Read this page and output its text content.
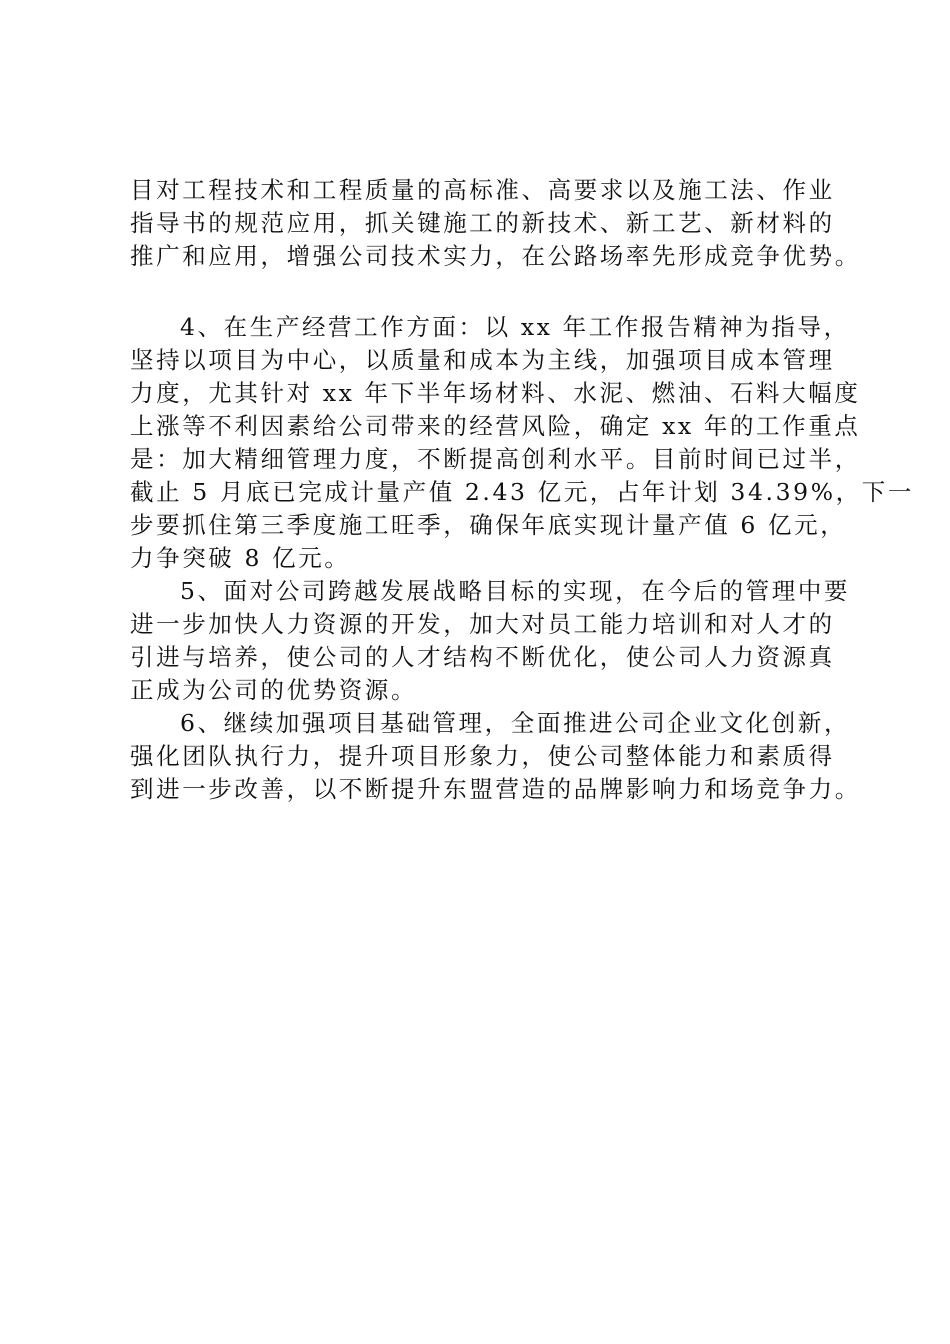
目对工程技术和工程质量的高标准、高要求以及施工法、作业
指导书的规范应用，抓关键施工的新技术、新工艺、新材料的
推广和应用，增强公司技术实力，在公路场率先形成竞争优势。
4、在生产经营工作方面：以 xx 年工作报告精神为指导，
坚持以项目为中心，以质量和成本为主线，加强项目成本管理
力度，尤其针对 xx 年下半年场材料、水泥、燃油、石料大幅度
上涨等不利因素给公司带来的经营风险，确定 xx 年的工作重点
是：加大精细管理力度，不断提高创利水平。目前时间已过半，
截止 5 月底已完成计量产值 2.43 亿元，占年计划 34.39%，下一
步要抓住第三季度施工旺季，确保年底实现计量产值 6 亿元，
力争突破 8 亿元。
5、面对公司跨越发展战略目标的实现，在今后的管理中要
进一步加快人力资源的开发，加大对员工能力培训和对人才的
引进与培养，使公司的人才结构不断优化，使公司人力资源真
正成为公司的优势资源。
6、继续加强项目基础管理，全面推进公司企业文化创新，
强化团队执行力，提升项目形象力，使公司整体能力和素质得
到进一步改善，以不断提升东盟营造的品牌影响力和场竞争力。
